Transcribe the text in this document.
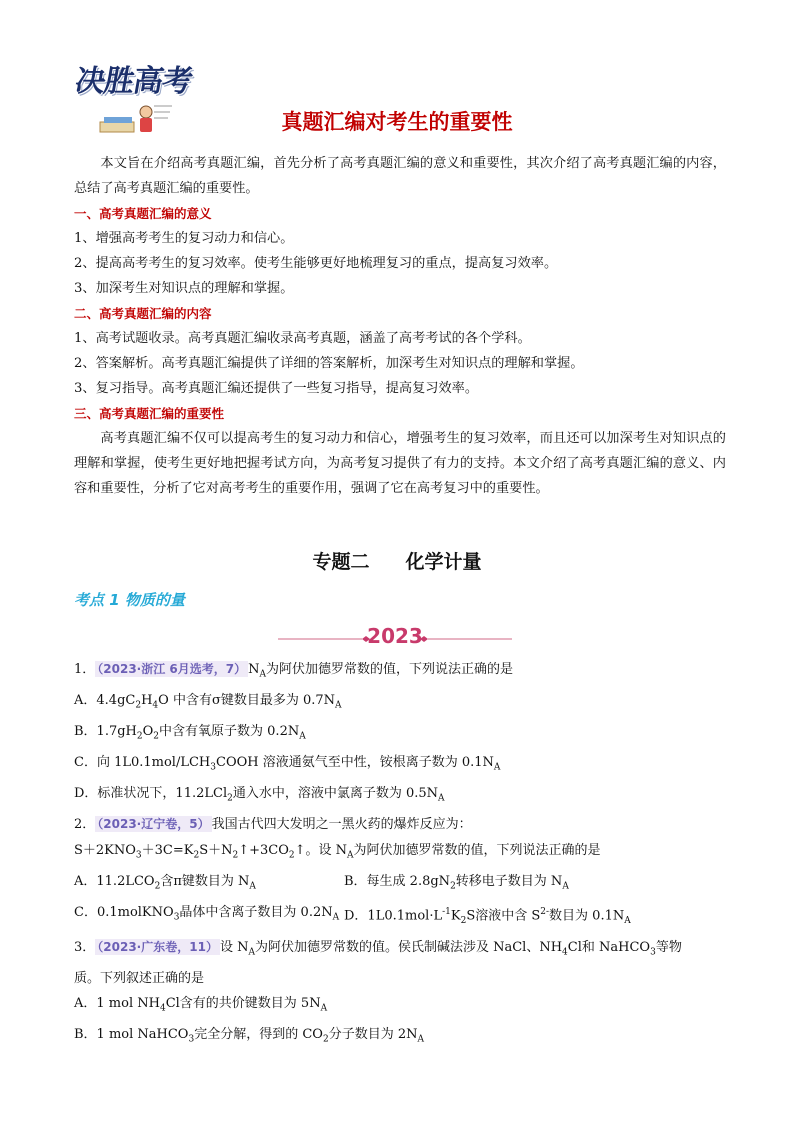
决胜高考
真题汇编对考生的重要性

本文旨在介绍高考真题汇编，首先分析了高考真题汇编的意义和重要性，其次介绍了高考真题汇编的内容，总结了高考真题汇编的重要性。

一、高考真题汇编的意义

1、增强高考考生的复习动力和信心。

2、提高高考考生的复习效率。使考生能够更好地梳理复习的重点，提高复习效率。

3、加深考生对知识点的理解和掌握。

二、高考真题汇编的内容

1、高考试题收录。高考真题汇编收录高考真题，涵盖了高考考试的各个学科。

2、答案解析。高考真题汇编提供了详细的答案解析，加深考生对知识点的理解和掌握。

3、复习指导。高考真题汇编还提供了一些复习指导，提高复习效率。

三、高考真题汇编的重要性

高考真题汇编不仅可以提高考生的复习动力和信心，增强考生的复习效率，而且还可以加深考生对知识点的理解和掌握，使考生更好地把握考试方向，为高考复习提供了有力的支持。本文介绍了高考真题汇编的意义、内容和重要性，分析了它对高考考生的重要作用，强调了它在高考复习中的重要性。

专题二 化学计量
考点 1 物质的量
2023

1． （2023·浙江 6月选考，7） $N_A$为阿伏加德罗常数的值，下列说法正确的是

A．$4.4gC_2H_4O$ 中含有σ键数目最多为 $0.7N_A$

B．$1.7gH_2O_2$中含有氧原子数为 $0.2N_A$

C．向 $1L0.1mol/LCH_3COOH$ 溶液通氨气至中性，铵根离子数为 $0.1N_A$

D．标准状况下，11.2LCl$_2$通入水中，溶液中氯离子数为 $0.5N_A$

2． （2023·辽宁卷，5） 我国古代四大发明之一黑火药的爆炸反应为：

$S+2KNO_3+3C=K_2S+N_2↑+3CO_2↑$。设 $N_A$为阿伏加德罗常数的值，下列说法正确的是

A．$11.2LCO_2$含π键数目为 $N_A$	B．每生成 $2.8gN_2$转移电子数目为 $N_A$
C．0.1molKNO$_3$晶体中含离子数目为 $0.2N_A$ D．$1L0.1mol\cdot L^{-1}K_2S$溶液中含 $S^{2-}$数目为 $0.1N_A$

3． （2023·广东卷，11） 设 $N_A$为阿伏加德罗常数的值。侯氏制碱法涉及 NaCl、$NH_4Cl$和 NaHCO$_3$等物

质。下列叙述正确的是

A．1 mol $NH_4Cl$含有的共价键数目为 $5N_A$

B．1 mol NaHCO$_3$完全分解，得到的 $CO_2$分子数目为 $2N_A$
